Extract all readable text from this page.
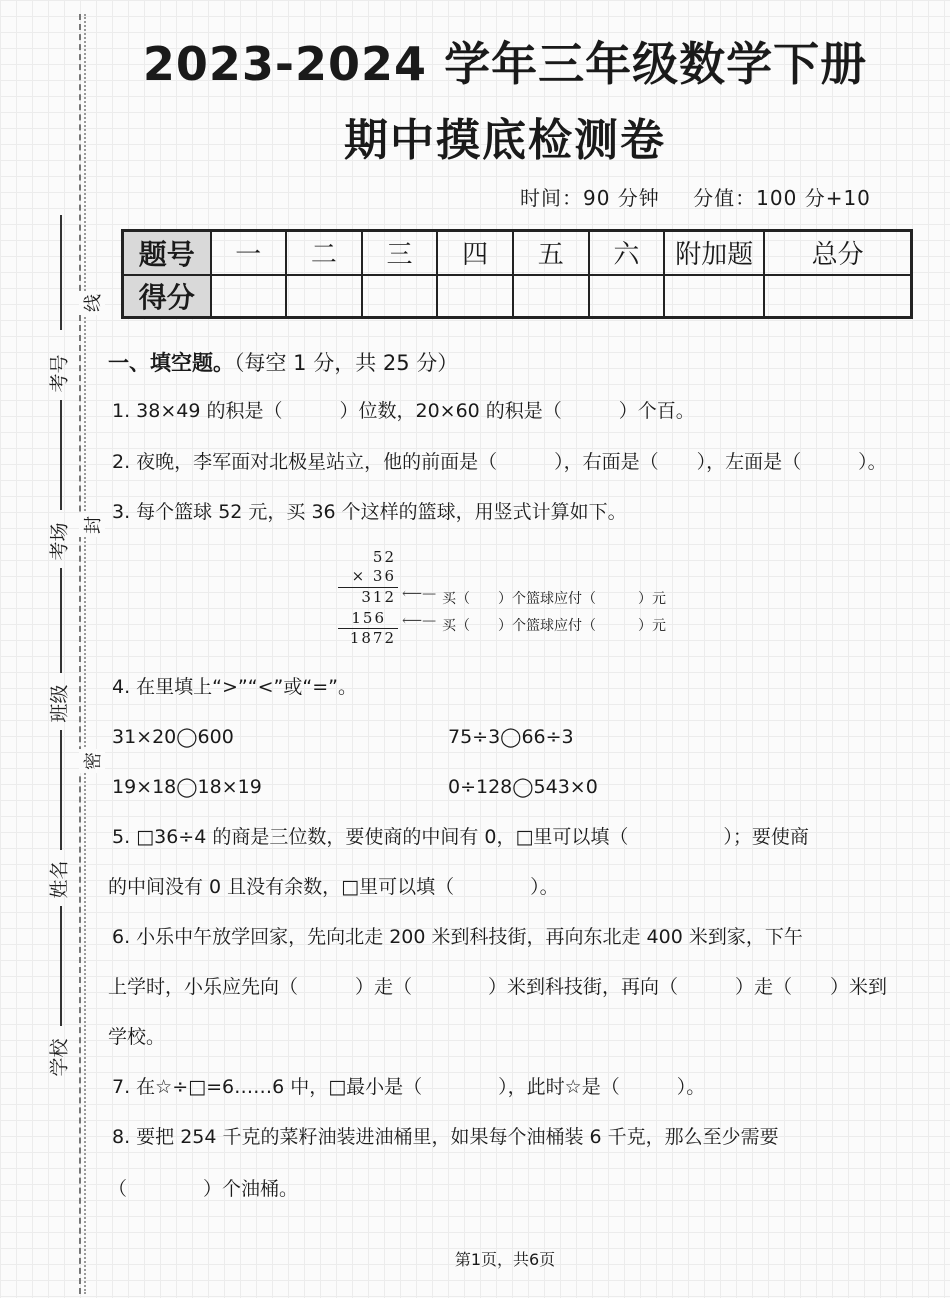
考号
考场
班级
姓名
学校
线
封
密
2023-2024 学年三年级数学下册
期中摸底检测卷
时间：90 分钟 分值：100 分+10
题号	一	二	三	四	五	六	附加题	总分
得分								
一、填空题。（每空 1 分，共 25 分）
1. 38×49 的积是（　　　）位数，20×60 的积是（　　　）个百。
2. 夜晚，李军面对北极星站立，他的前面是（　　　），右面是（　　），左面是（　　　）。
3. 每个篮球 52 元，买 36 个这样的篮球，用竖式计算如下。
52
× 36
312
156
1872
⟵— 买（　　）个篮球应付（　　　）元
⟵— 买（　　）个篮球应付（　　　）元
4. 在里填上“>”“<”或“=”。
31×20◯600	75÷3◯66÷3
19×18◯18×19	0÷128◯543×0
5. □36÷4 的商是三位数，要使商的中间有 0，□里可以填（　　　　　）；要使商
的中间没有 0 且没有余数，□里可以填（　　　　）。
6. 小乐中午放学回家，先向北走 200 米到科技街，再向东北走 400 米到家，下午
上学时，小乐应先向（　　　）走（　　　　）米到科技街，再向（　　　）走（　　）米到
学校。
7. 在☆÷□=6……6 中，□最小是（　　　　），此时☆是（　　　）。
8. 要把 254 千克的菜籽油装进油桶里，如果每个油桶装 6 千克，那么至少需要
（　　　　）个油桶。
第1页，共6页
